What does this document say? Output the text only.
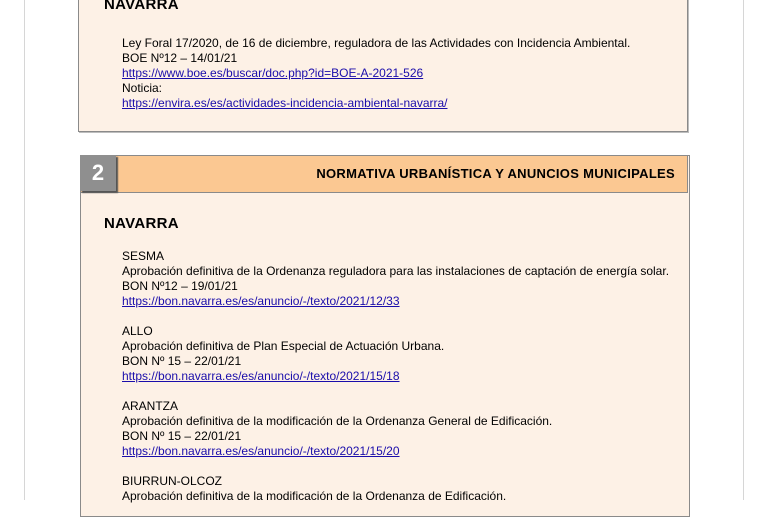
NAVARRA
Ley Foral 17/2020, de 16 de diciembre, reguladora de las Actividades con Incidencia Ambiental.
BOE Nº12 – 14/01/21
https://www.boe.es/buscar/doc.php?id=BOE-A-2021-526
Noticia:
https://envira.es/es/actividades-incidencia-ambiental-navarra/
2	NORMATIVA URBANÍSTICA Y ANUNCIOS MUNICIPALES
NAVARRA
SESMA
Aprobación definitiva de la Ordenanza reguladora para las instalaciones de captación de energía solar.
BON Nº12 – 19/01/21
https://bon.navarra.es/es/anuncio/-/texto/2021/12/33
ALLO
Aprobación definitiva de Plan Especial de Actuación Urbana.
BON Nº 15 – 22/01/21
https://bon.navarra.es/es/anuncio/-/texto/2021/15/18
ARANTZA
Aprobación definitiva de la modificación de la Ordenanza General de Edificación.
BON Nº 15 – 22/01/21
https://bon.navarra.es/es/anuncio/-/texto/2021/15/20
BIURRUN-OLCOZ
Aprobación definitiva de la modificación de la Ordenanza de Edificación.
